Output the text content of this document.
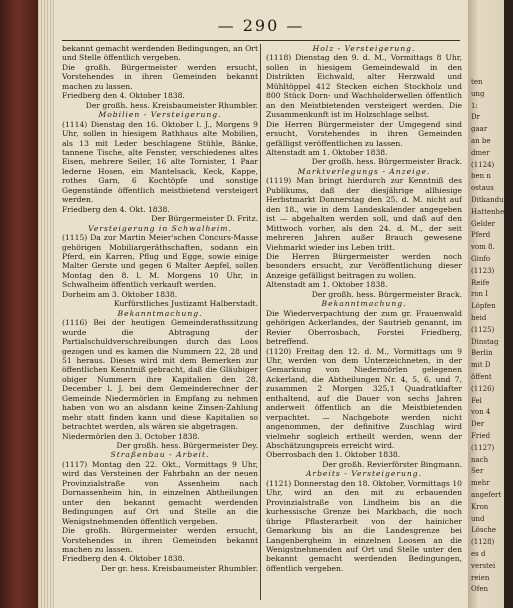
— 290 —

bekannt gemacht werdenden Bedingungen, an Ort und Stelle öffentlich vergeben.

Die großh. Bürgermeister werden ersucht, Vorstehendes in ihren Gemeinden bekannt machen zu lassen.

Friedberg den 4. Oktober 1838.

Der großh. hess. Kreisbaumeister Rhumbler.

Mobilien - Versteigerung.

(1114) Dienstag den 16. Oktober l. J., Morgens 9 Uhr, sollen in hiesigem Rathhaus alte Mobilien, als 13 mit Leder beschlagene Stühle, Bänke, tannene Tische, alte Fenster, verschiedenes altes Eisen, mehrere Seiler, 16 alte Tornister, 1 Paar lederne Hosen, ein Mantelsack, Keck, Kappe, rothes Garn, 6 Kochtöpfe und sonstige Gegenstände öffentlich meistbietend versteigert werden.

Friedberg den 4. Okt. 1838.

Der Bürgermeister D. Fritz.

Versteigerung in Schwalheim.

(1115) Da zur Martin Meier'schen Concurs-Masse gehörigen Mobiliargeräthschaften, sodann ein Pferd, ein Karren, Pflug und Egge, sowie einige Malter Gerste und gegen 6 Malter Aepfel, sollen Montag den 8. l. M. Morgens 10 Uhr, in Schwalheim öffentlich verkauft werden.

Dorheim am 3. Oktober 1838.

Kurfürstliches Justizamt Halberstadt.

Bekanntmachung.

(1116) Bei der heutigen Gemeinderathssitzung wurde die Abtragung der Partialschuldverschreibungen durch das Loos gezogen und es kamen die Nummern 22, 28 und 51 heraus. Dieses wird mit dem Bemerken zur öffentlichen Kenntniß gebracht, daß die Gläubiger obiger Nummern ihre Kapitalien den 28. December l. J. bei dem Gemeinderechner der Gemeinde Niedermörlen in Empfang zu nehmen haben von wo an alsdann keine Zinsen-Zahlung mehr statt finden kann und diese Kapitalien so betrachtet werden, als wären sie abgetragen.

Niedermörlen den 3. October 1838.

Der großh. hess. Bürgermeister Dey.

Straßenbau - Arbeit.

(1117) Montag den 22. Okt., Vormittags 9 Uhr, wird das Versteinen der Fahrbahn an der neuen Provinzialstraße von Assenheim nach Dornassenheim hin, in einzelnen Abtheilungen unter den bekannt gemacht werdenden Bedingungen auf Ort und Stelle an die Wenigstnehmenden öffentlich vergeben.

Die großh. Bürgermeister werden ersucht, Vorstehendes in ihren Gemeinden bekannt machen zu lassen.

Friedberg den 4. Oktober 1838.

Der gr. hess. Kreisbaumeister Rhumbler.

Holz - Versteigerung.

(1118) Dienstag den 9. d. M., Vormittags 8 Uhr, sollen in hiesigem Gemeindewald in den Distrikten Eichwald, alter Herzwald und Mühltöppel 412 Stecken eichen Stockholz und 800 Stück Dorn- und Wachholderwellen öffentlich an den Meistbietenden versteigert werden. Die Zusammenkunft ist im Holzschlage selbst.

Die Herren Bürgermeister der Umgegend sind ersucht, Vorstehendes in ihren Gemeinden gefälligst veröffentlichen zu lassen.

Altenstadt am 1. Oktober 1838.

Der großh. hess. Bürgermeister Brack.

Marktverlegungs - Anzeige.

(1119) Man bringt hierdurch zur Kenntniß des Publikums, daß der diesjährige allhiesige Herbstmarkt Donnerstag den 25. d. M. nicht auf den 18., wie in dem Landeskalender angegeben ist — abgehalten werden soll, und daß auf den Mittwoch vorher, als den 24. d. M., der seit mehreren Jahren außer Brauch gewesene Viehmarkt wieder ins Leben tritt.

Die Herren Bürgermeister werden noch besonders ersucht, zur Veröffentlichung dieser Anzeige gefälligst beitragen zu wollen.

Altenstadt am 1. Oktober 1838.

Der großh. hess. Bürgermeister Brack.

Bekanntmachung.

Die Wiederverpachtung der zum gr. Frauenwald gehörigen Ackerlandes, der Sautrieb genannt, im Revier Oberrosbach, Forstei Friedberg, betreffend.

(1120) Freitag den 12. d. M., Vormittags um 9 Uhr, werden von dem Unterzeichneten, in der Gemarkung von Niedermörlen gelegenen Ackerland, die Abtheilungen Nr. 4, 5, 6, und 7, zusammen 2 Morgen 325,1 Quadratklafter enthaltend, auf die Dauer von sechs Jahren anderweit öffentlich an die Meistbietenden verpachtet. — Nachgebote werden nicht angenommen, der definitive Zuschlag wird vielmehr sogleich ertheilt werden, wenn der Abschätzungspreis erreicht wird.

Oberrosbach den 1. Oktober 1838.

Der großh. Revierförster Bingmann.

Arbeits - Versteigerung.

(1121) Donnerstag den 18. Oktober, Vormittags 10 Uhr, wird an den mit zu erbauenden Provinzialstraße von Lindheim bis an die kurhessische Grenze bei Markbach, die noch übrige Pflasterarbeit von der hainicher Gemarkung bis an die Landesgrenze bei Langenbergheim in einzelnen Loosen an die Wenigstnehmenden auf Ort und Stelle unter den bekannt gemacht werdenden Bedingungen, öffentlich vergeben.

ten
ung
1:
Dr
gaar
an be
dmer
(1124)
ben n
ostaus
Ditkandun
Hattenheim
Gelder
Pferd
vom 8.
Ginfo
(1123)
Reife
ron I
Löpfen
heid
(1125)
Dinstag
Berlin
mit D
öffent
(1126)
Fel
von 4
Der
Fried
(1127)
nach
Ser
mehr
angefert
Kron
und
Lösche
(1128)
es d
verstei
reien
Ofen
